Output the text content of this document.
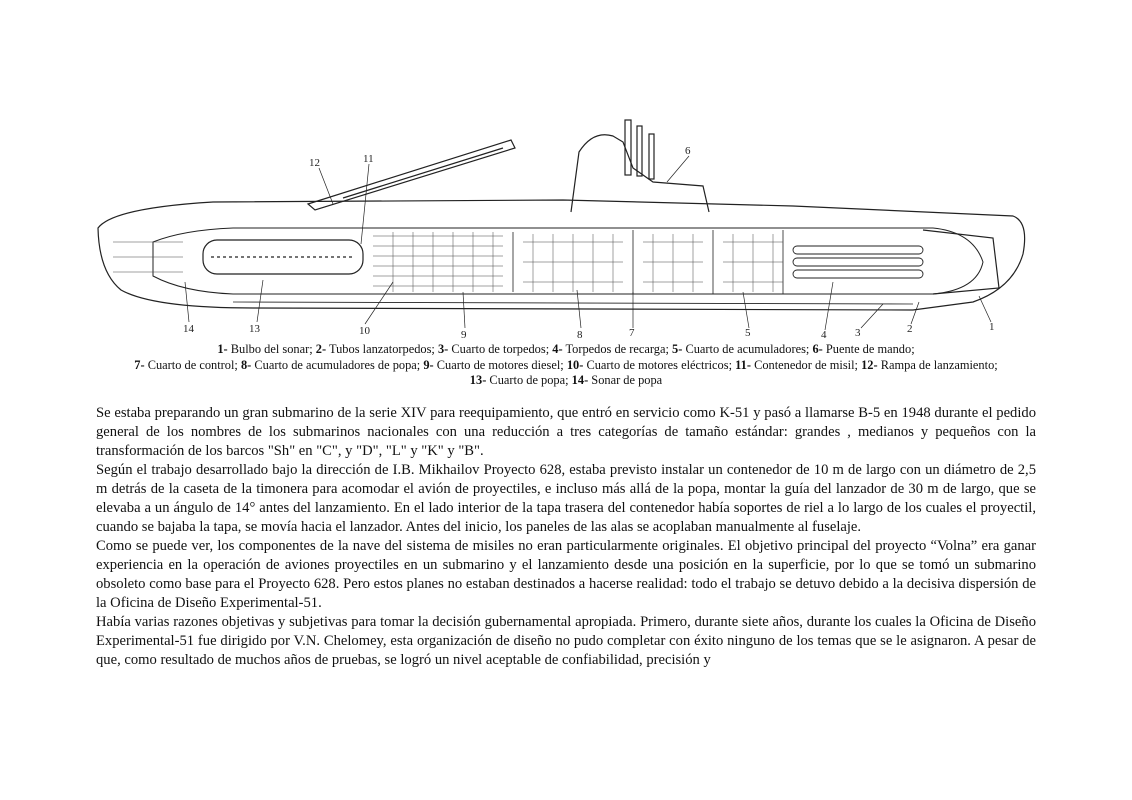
12	11
6
14	13	10	9	8	7	5	4	3	2	1
1- Bulbo del sonar; 2- Tubos lanzatorpedos; 3- Cuarto de torpedos; 4- Torpedos de recarga; 5- Cuarto de acumuladores; 6- Puente de mando;
7- Cuarto de control; 8- Cuarto de acumuladores de popa; 9- Cuarto de motores diesel; 10- Cuarto de motores eléctricos; 11- Contenedor de misil; 12- Rampa de lanzamiento;
13- Cuarto de popa; 14- Sonar de popa

Se estaba preparando un gran submarino de la serie XIV para reequipamiento, que entró en servicio como K-51 y pasó a llamarse B-5 en 1948 durante el pedido general de los nombres de los submarinos nacionales con una reducción a tres categorías de tamaño estándar: grandes , medianos y pequeños con la transformación de los barcos "Sh" en "C", y "D", "L" y "K" y "B".

Según el trabajo desarrollado bajo la dirección de I.B. Mikhailov Proyecto 628, estaba previsto instalar un contenedor de 10 m de largo con un diámetro de 2,5 m detrás de la caseta de la timonera para acomodar el avión de proyectiles, e incluso más allá de la popa, montar la guía del lanzador de 30 m de largo, que se elevaba a un ángulo de 14° antes del lanzamiento. En el lado interior de la tapa trasera del contenedor había soportes de riel a lo largo de los cuales el proyectil, cuando se bajaba la tapa, se movía hacia el lanzador. Antes del inicio, los paneles de las alas se acoplaban manualmente al fuselaje.

Como se puede ver, los componentes de la nave del sistema de misiles no eran particularmente originales. El objetivo principal del proyecto “Volna” era ganar experiencia en la operación de aviones proyectiles en un submarino y el lanzamiento desde una posición en la superficie, por lo que se tomó un submarino obsoleto como base para el Proyecto 628. Pero estos planes no estaban destinados a hacerse realidad: todo el trabajo se detuvo debido a la decisiva dispersión de la Oficina de Diseño Experimental-51.

Había varias razones objetivas y subjetivas para tomar la decisión gubernamental apropiada. Primero, durante siete años, durante los cuales la Oficina de Diseño Experimental-51 fue dirigido por V.N. Chelomey, esta organización de diseño no pudo completar con éxito ninguno de los temas que se le asignaron. A pesar de que, como resultado de muchos años de pruebas, se logró un nivel aceptable de confiabilidad, precisión y
